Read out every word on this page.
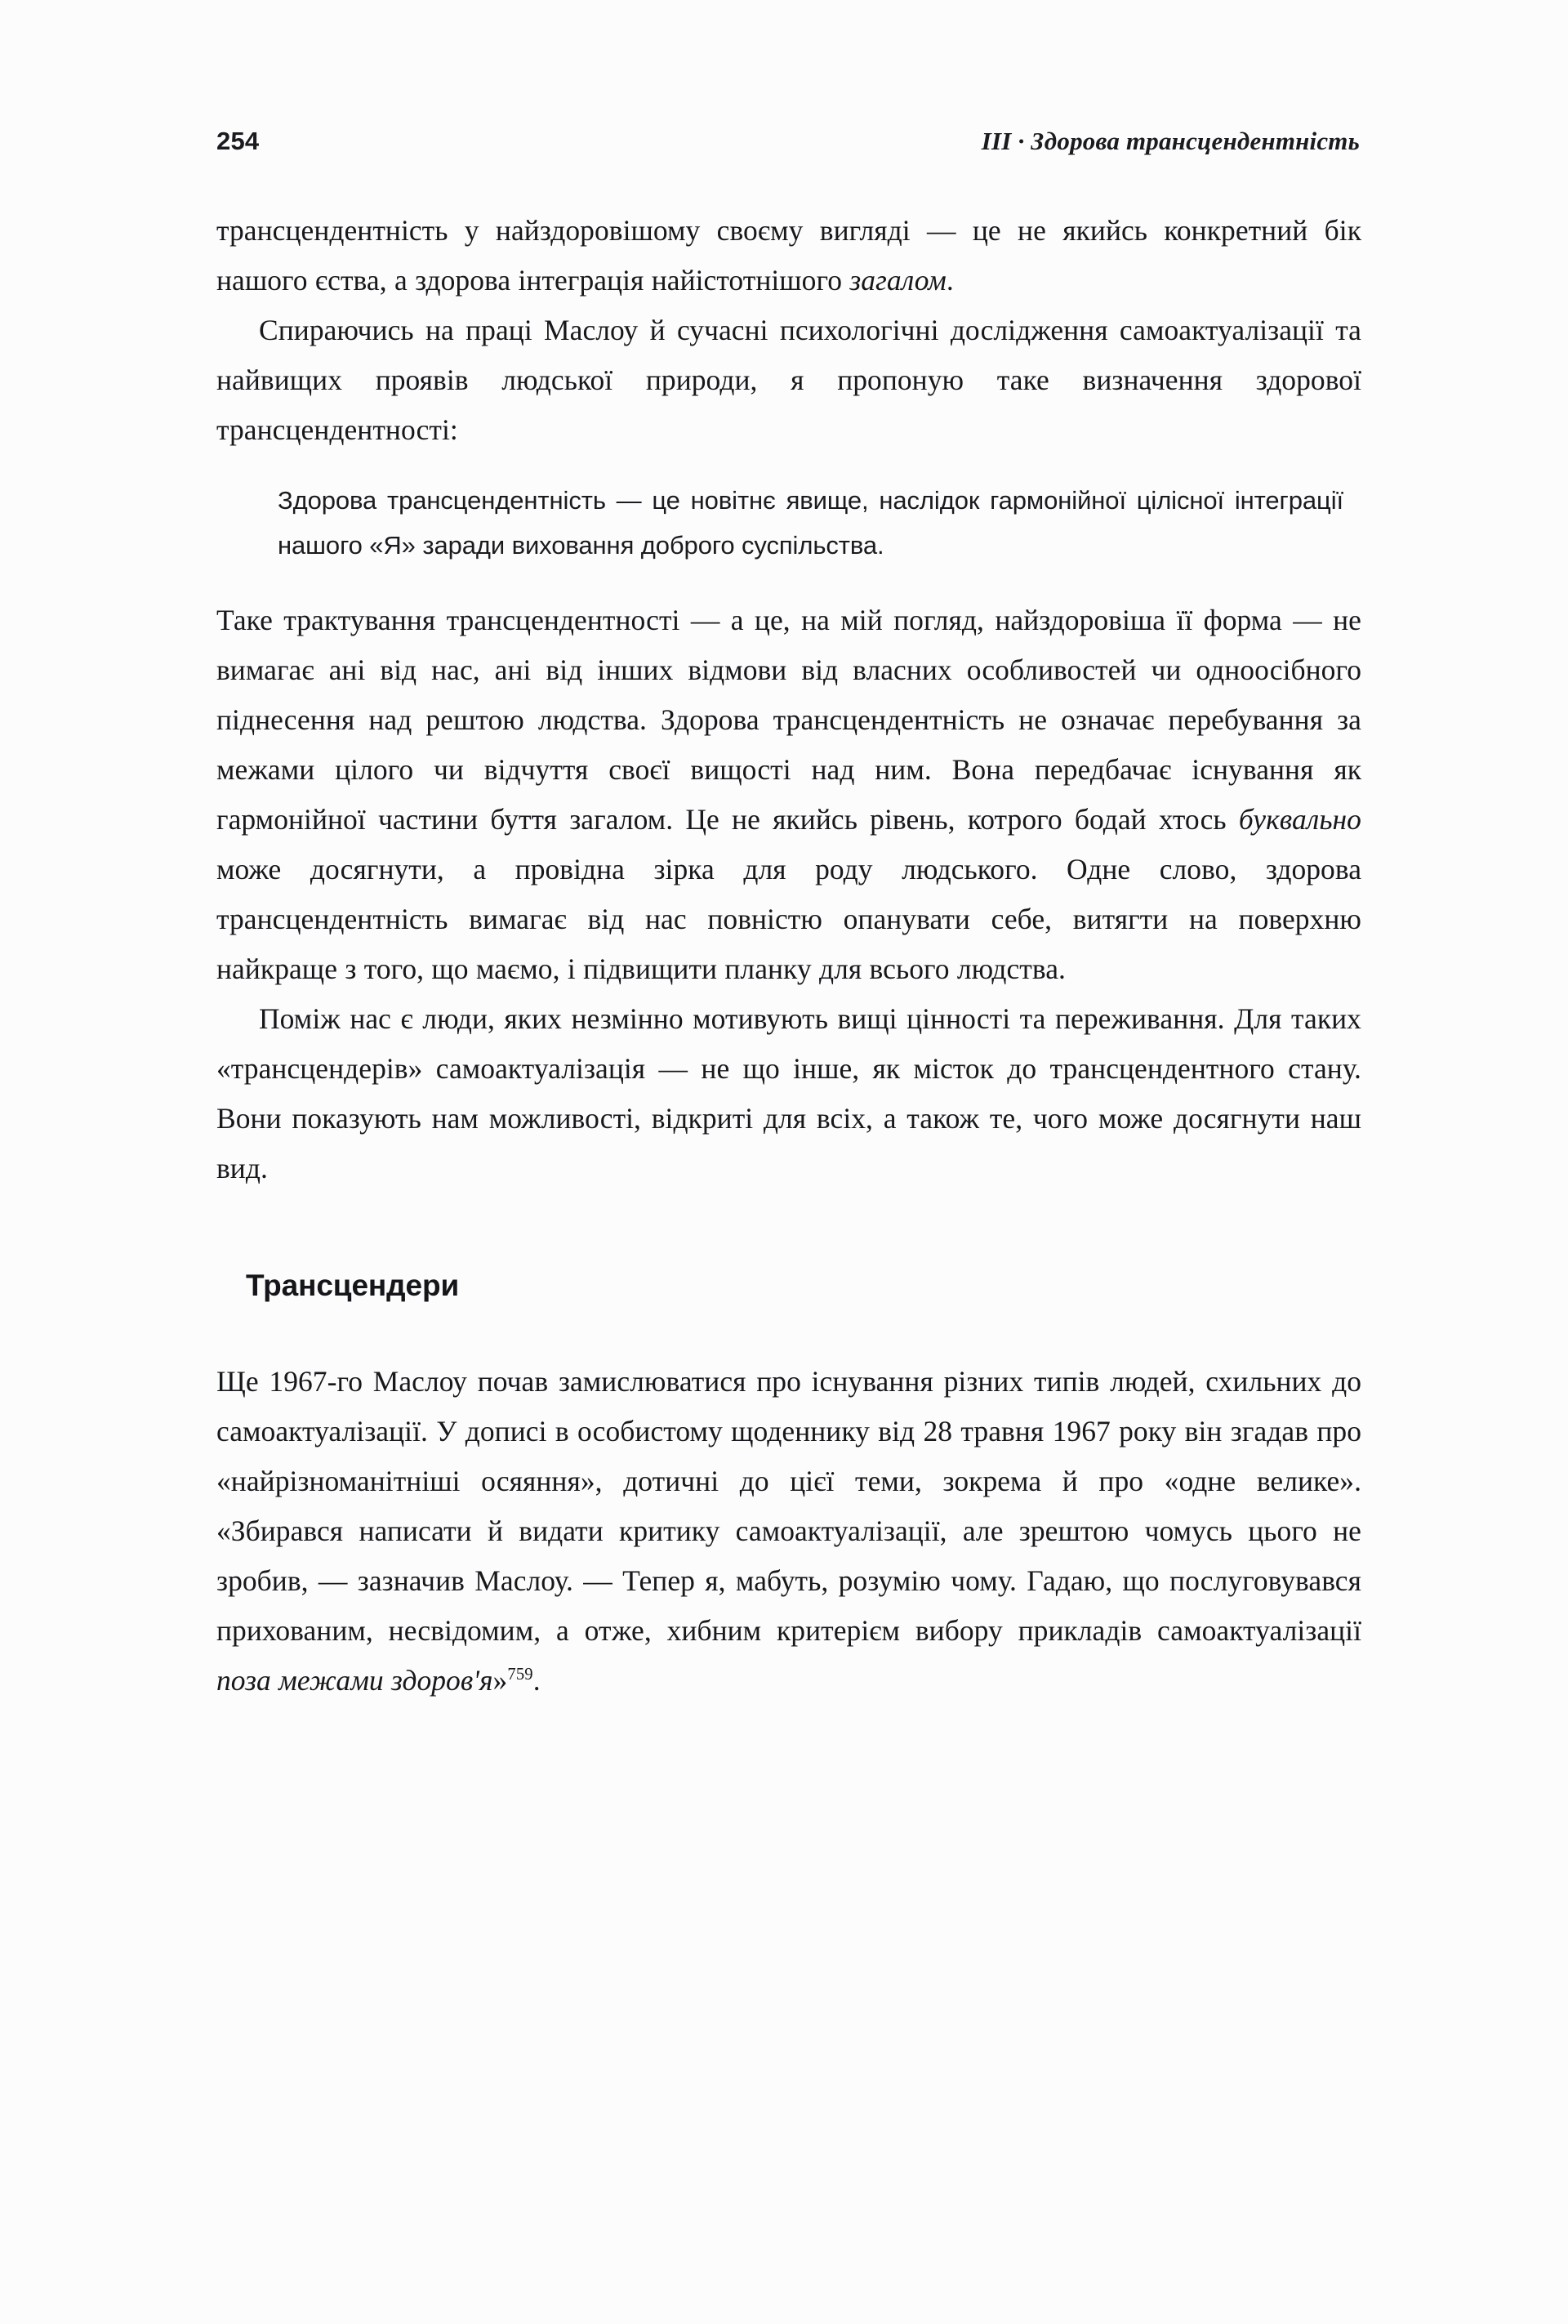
254	III · Здорова трансцендентність

трансцендентність у найздоровішому своєму вигляді — це не якийсь конкретний бік нашого єства, а здорова інтеграція найістотнішого загалом.

Спираючись на праці Маслоу й сучасні психологічні дослідження самоактуалізації та найвищих проявів людської природи, я пропоную таке визначення здорової трансцендентності:

Здорова трансцендентність — це новітнє явище, наслідок гармонійної цілісної інтеграції нашого «Я» заради виховання доброго суспільства.

Таке трактування трансцендентності — а це, на мій погляд, найздоровіша її форма — не вимагає ані від нас, ані від інших відмови від власних особливостей чи одноосібного піднесення над рештою людства. Здорова трансцендентність не означає перебування за межами цілого чи відчуття своєї вищості над ним. Вона передбачає існування як гармонійної частини буття загалом. Це не якийсь рівень, котрого бодай хтось буквально може досягнути, а провідна зірка для роду людського. Одне слово, здорова трансцендентність вимагає від нас повністю опанувати себе, витягти на поверхню найкраще з того, що маємо, і підвищити планку для всього людства.

Поміж нас є люди, яких незмінно мотивують вищі цінності та переживання. Для таких «трансцендерів» самоактуалізація — не що інше, як місток до трансцендентного стану. Вони показують нам можливості, відкриті для всіх, а також те, чого може досягнути наш вид.

Трансцендери

Ще 1967-го Маслоу почав замислюватися про існування різних типів людей, схильних до самоактуалізації. У дописі в особистому щоденнику від 28 травня 1967 року він згадав про «найрізноманітніші осяяння», дотичні до цієї теми, зокрема й про «одне велике». «Збирався написати й видати критику самоактуалізації, але зрештою чомусь цього не зробив, — зазначив Маслоу. — Тепер я, мабуть, розумію чому. Гадаю, що послуговувався прихованим, несвідомим, а отже, хибним критерієм вибору прикладів самоактуалізації поза межами здоров'я»$^{759}$.
